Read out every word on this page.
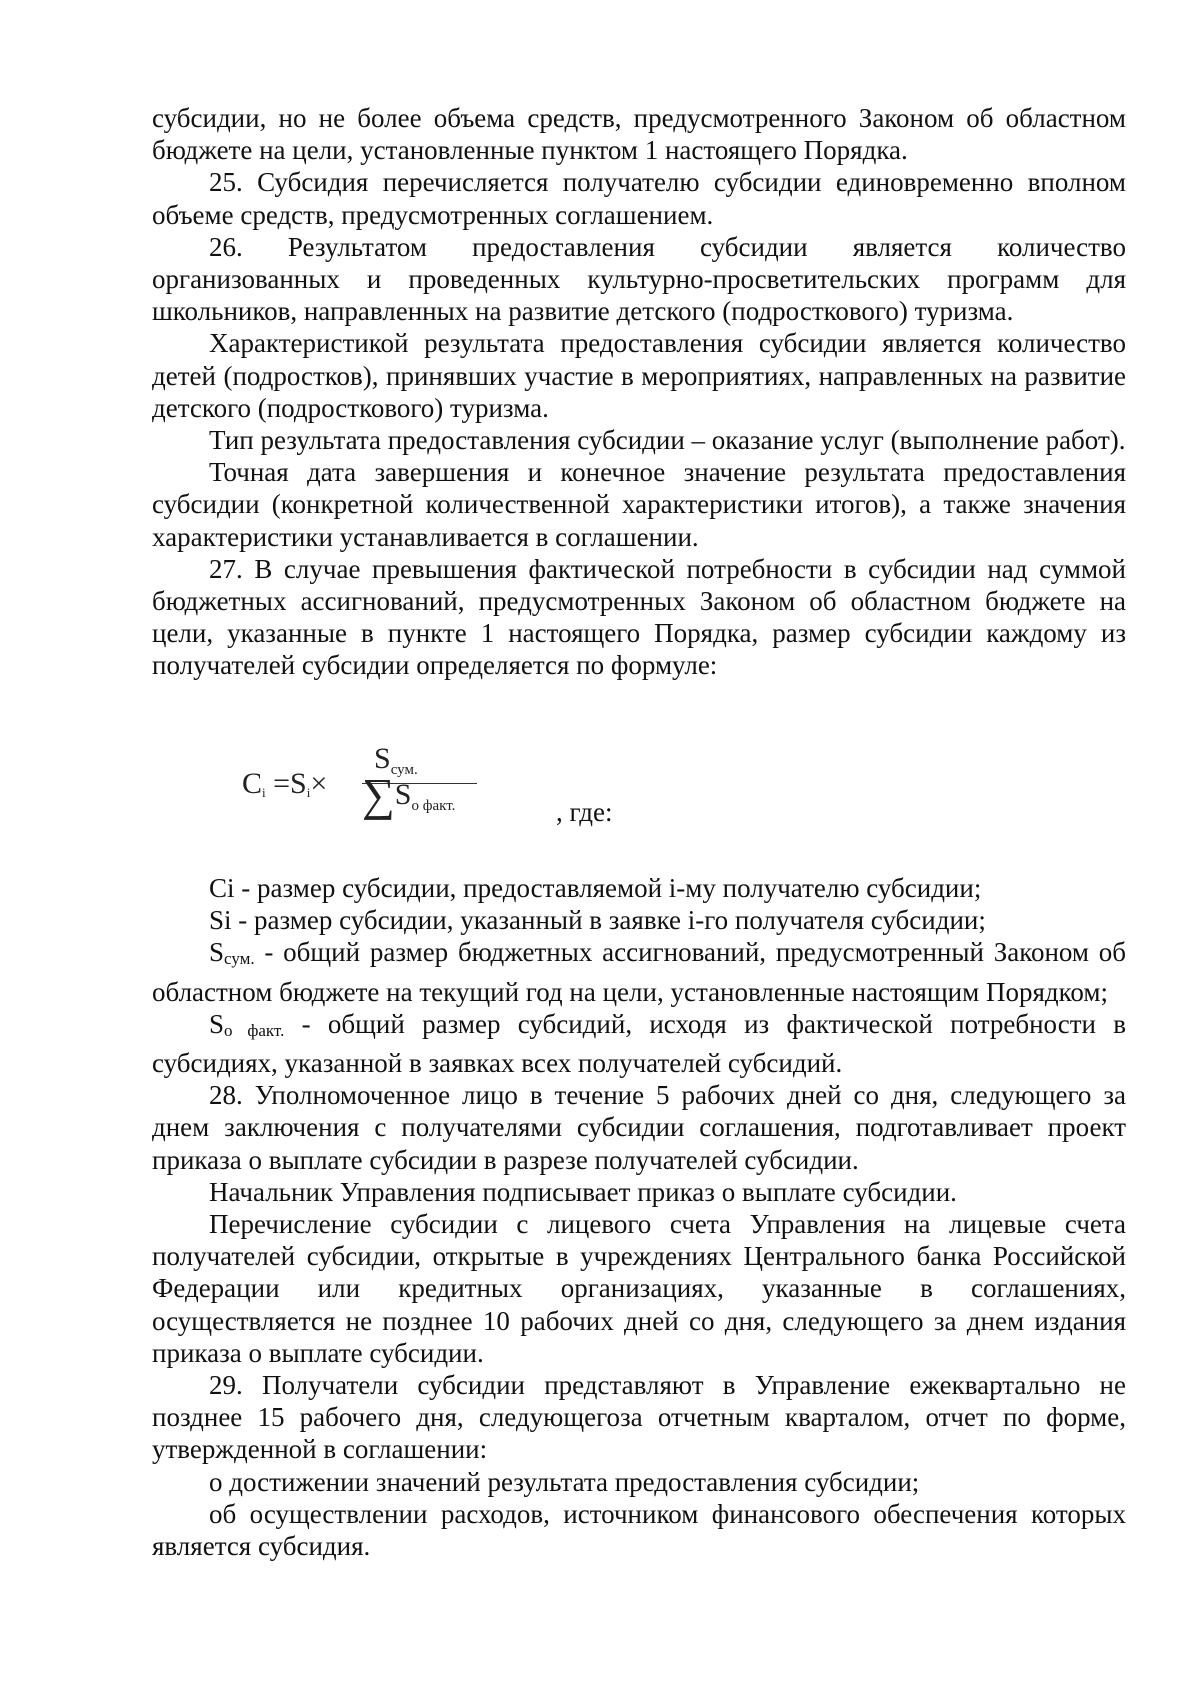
субсидии, но не более объема средств, предусмотренного Законом об областном бюджете на цели, установленные пунктом 1 настоящего Порядка.

25. Субсидия перечисляется получателю субсидии единовременно вполном объеме средств, предусмотренных соглашением.

26. Результатом предоставления субсидии является количество организованных и проведенных культурно-просветительских программ для школьников, направленных на развитие детского (подросткового) туризма.

Характеристикой результата предоставления субсидии является количество детей (подростков), принявших участие в мероприятиях, направленных на развитие детского (подросткового) туризма.

Тип результата предоставления субсидии – оказание услуг (выполнение работ).

Точная дата завершения и конечное значение результата предоставления субсидии (конкретной количественной характеристики итогов), а также значения характеристики устанавливается в соглашении.

27. В случае превышения фактической потребности в субсидии над суммой бюджетных ассигнований, предусмотренных Законом об областном бюджете на цели, указанные в пункте 1 настоящего Порядка, размер субсидии каждому из получателей субсидии определяется по формуле:

$C_i =S_i\times$
$S_{сум.}$
$\sum S_{о факт.}$	, где:

Ci - размер субсидии, предоставляемой i-му получателю субсидии;

Si - размер субсидии, указанный в заявке i-го получателя субсидии;

$S_{сум.}$ - общий размер бюджетных ассигнований, предусмотренный Законом об областном бюджете на текущий год на цели, установленные настоящим Порядком;

$S_{о факт.}$ - общий размер субсидий, исходя из фактической потребности в субсидиях, указанной в заявках всех получателей субсидий.

28. Уполномоченное лицо в течение 5 рабочих дней со дня, следующего за днем заключения с получателями субсидии соглашения, подготавливает проект приказа о выплате субсидии в разрезе получателей субсидии.

Начальник Управления подписывает приказ о выплате субсидии.

Перечисление субсидии с лицевого счета Управления на лицевые счета получателей субсидии, открытые в учреждениях Центрального банка Российской Федерации или кредитных организациях, указанные в соглашениях, осуществляется не позднее 10 рабочих дней со дня, следующего за днем издания приказа о выплате субсидии.

29. Получатели субсидии представляют в Управление ежеквартально не позднее 15 рабочего дня, следующегоза отчетным кварталом, отчет по форме, утвержденной в соглашении:

о достижении значений результата предоставления субсидии;

об осуществлении расходов, источником финансового обеспечения которых является субсидия.
